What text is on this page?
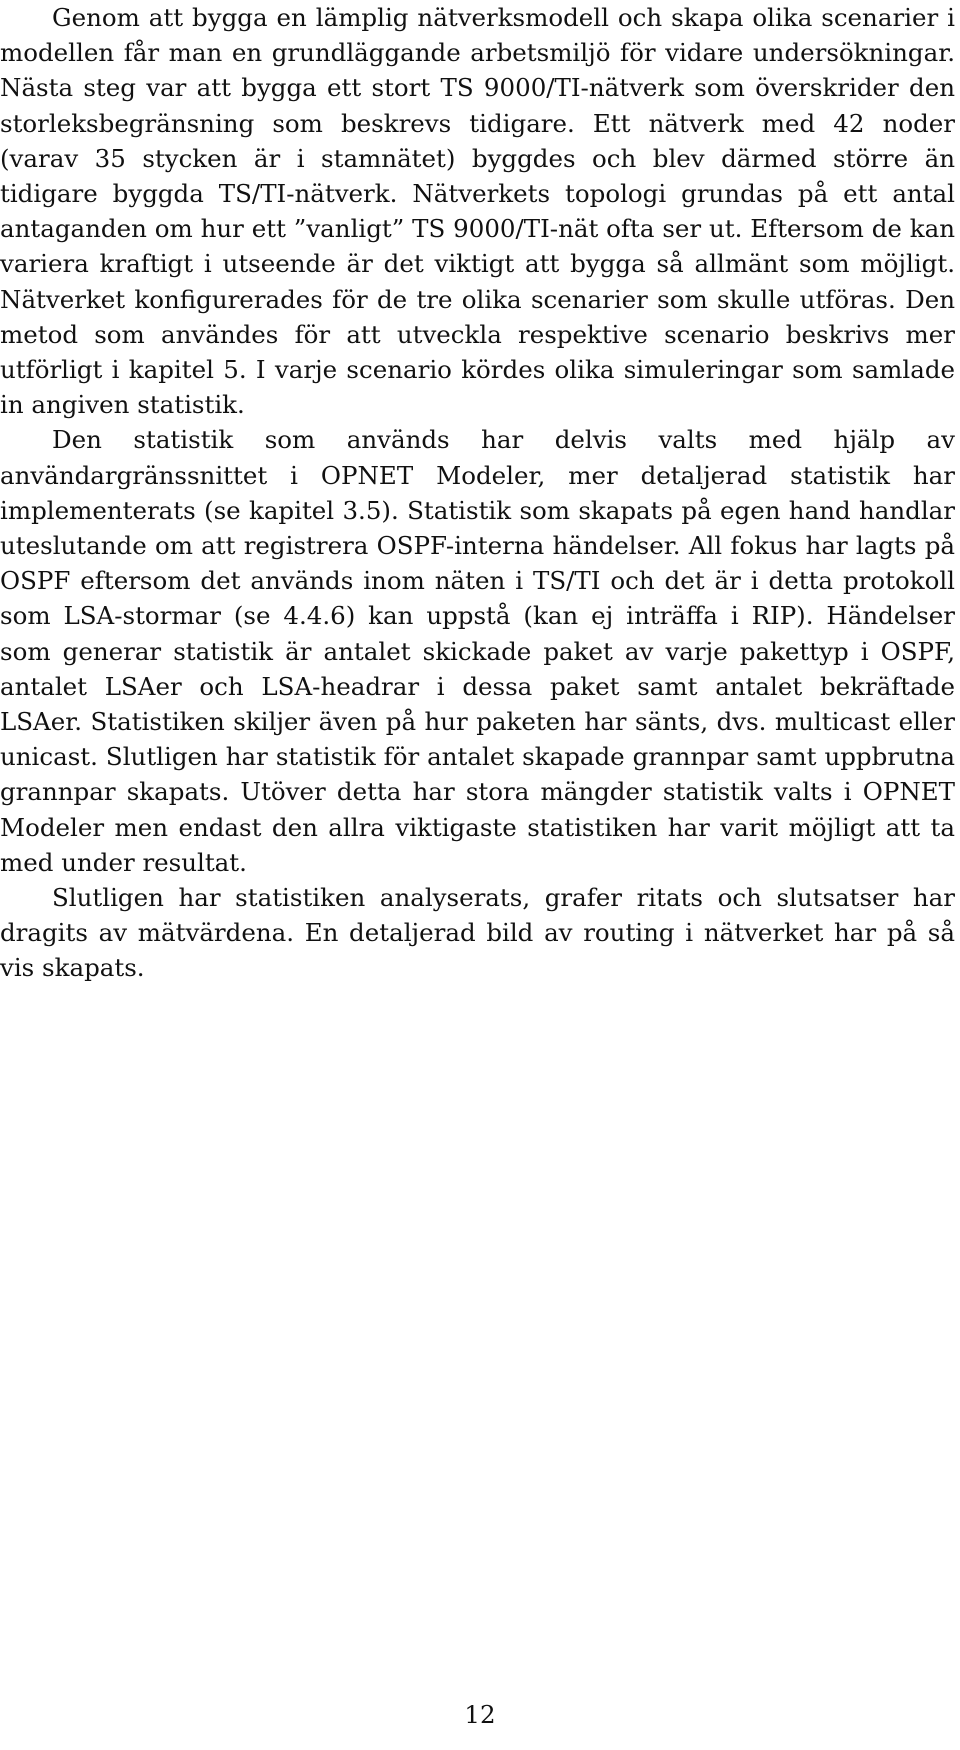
Genom att bygga en lämplig nätverksmodell och skapa olika scenarier i modellen får man en grundläggande arbetsmiljö för vidare undersökningar. Nästa steg var att bygga ett stort TS 9000/TI-nätverk som överskrider den storleksbegränsning som beskrevs tidigare. Ett nätverk med 42 noder (varav 35 stycken är i stamnätet) byggdes och blev därmed större än tidigare byggda TS/TI-nätverk. Nätverkets topologi grundas på ett antal antaganden om hur ett ”vanligt” TS 9000/TI-nät ofta ser ut. Eftersom de kan variera kraftigt i utseende är det viktigt att bygga så allmänt som möjligt. Nätverket konfigurerades för de tre olika scenarier som skulle utföras. Den metod som användes för att utveckla respektive scenario beskrivs mer utförligt i kapitel 5. I varje scenario kördes olika simuleringar som samlade in angiven statistik.

Den statistik som används har delvis valts med hjälp av användargränssnittet i OPNET Modeler, mer detaljerad statistik har implementerats (se kapitel 3.5). Statistik som skapats på egen hand handlar uteslutande om att registrera OSPF-interna händelser. All fokus har lagts på OSPF eftersom det används inom näten i TS/TI och det är i detta protokoll som LSA-stormar (se 4.4.6) kan uppstå (kan ej inträffa i RIP). Händelser som generar statistik är antalet skickade paket av varje pakettyp i OSPF, antalet LSAer och LSA-headrar i dessa paket samt antalet bekräftade LSAer. Statistiken skiljer även på hur paketen har sänts, dvs. multicast eller unicast. Slutligen har statistik för antalet skapade grannpar samt uppbrutna grannpar skapats. Utöver detta har stora mängder statistik valts i OPNET Modeler men endast den allra viktigaste statistiken har varit möjligt att ta med under resultat.

Slutligen har statistiken analyserats, grafer ritats och slutsatser har dragits av mätvärdena. En detaljerad bild av routing i nätverket har på så vis skapats.

12
